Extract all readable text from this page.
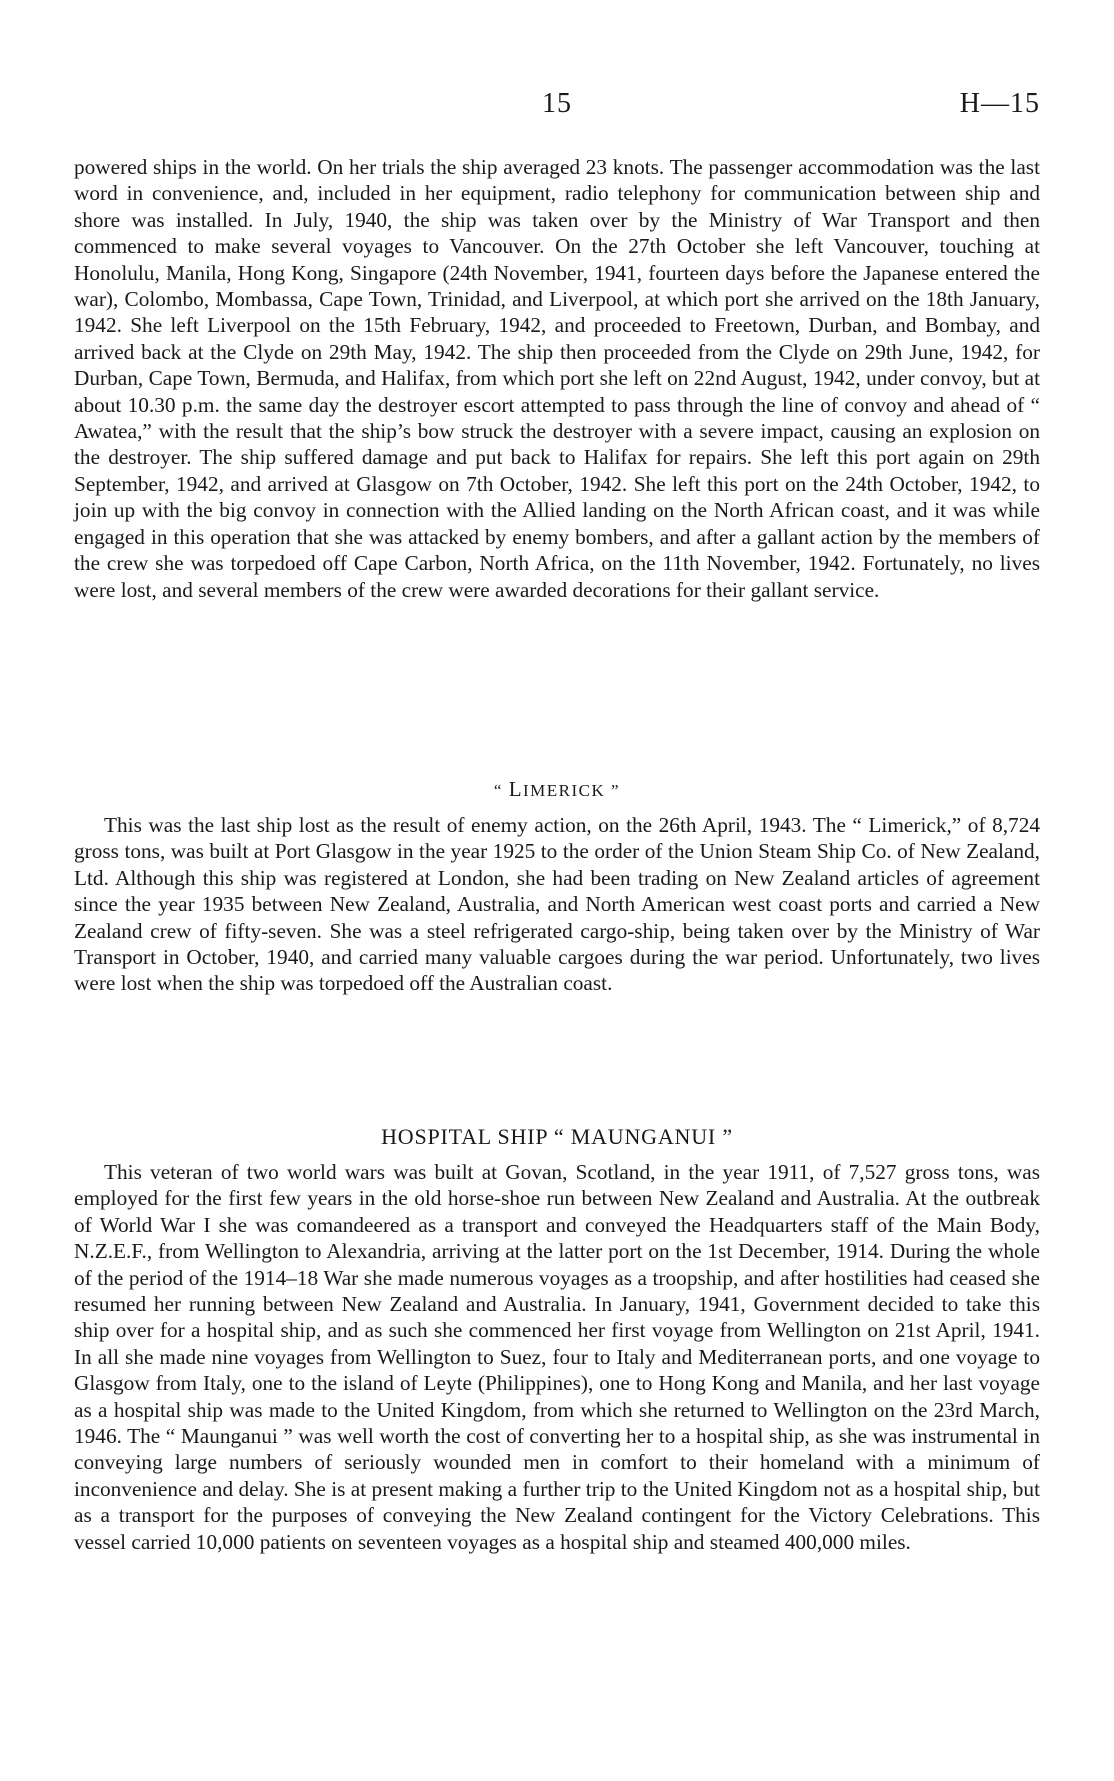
15	H—15

powered ships in the world. On her trials the ship averaged 23 knots. The passenger accommodation was the last word in convenience, and, included in her equipment, radio telephony for communication between ship and shore was installed. In July, 1940, the ship was taken over by the Ministry of War Transport and then commenced to make several voyages to Vancouver. On the 27th October she left Vancouver, touching at Honolulu, Manila, Hong Kong, Singapore (24th November, 1941, fourteen days before the Japanese entered the war), Colombo, Mombassa, Cape Town, Trinidad, and Liverpool, at which port she arrived on the 18th January, 1942. She left Liverpool on the 15th February, 1942, and proceeded to Freetown, Durban, and Bombay, and arrived back at the Clyde on 29th May, 1942. The ship then proceeded from the Clyde on 29th June, 1942, for Durban, Cape Town, Bermuda, and Halifax, from which port she left on 22nd August, 1942, under convoy, but at about 10.30 p.m. the same day the destroyer escort attempted to pass through the line of convoy and ahead of “ Awatea,” with the result that the ship’s bow struck the destroyer with a severe impact, causing an explosion on the destroyer. The ship suffered damage and put back to Halifax for repairs. She left this port again on 29th September, 1942, and arrived at Glasgow on 7th October, 1942. She left this port on the 24th October, 1942, to join up with the big convoy in connection with the Allied landing on the North African coast, and it was while engaged in this operation that she was attacked by enemy bombers, and after a gallant action by the members of the crew she was torpedoed off Cape Carbon, North Africa, on the 11th November, 1942. Fortunately, no lives were lost, and several members of the crew were awarded decorations for their gallant service.

“ LIMERICK ”

This was the last ship lost as the result of enemy action, on the 26th April, 1943. The “ Limerick,” of 8,724 gross tons, was built at Port Glasgow in the year 1925 to the order of the Union Steam Ship Co. of New Zealand, Ltd. Although this ship was registered at London, she had been trading on New Zealand articles of agreement since the year 1935 between New Zealand, Australia, and North American west coast ports and carried a New Zealand crew of fifty-seven. She was a steel refrigerated cargo-ship, being taken over by the Ministry of War Transport in October, 1940, and carried many valuable cargoes during the war period. Unfortunately, two lives were lost when the ship was torpedoed off the Australian coast.

HOSPITAL SHIP “ MAUNGANUI ”

This veteran of two world wars was built at Govan, Scotland, in the year 1911, of 7,527 gross tons, was employed for the first few years in the old horse-shoe run between New Zealand and Australia. At the outbreak of World War I she was comandeered as a transport and conveyed the Headquarters staff of the Main Body, N.Z.E.F., from Wellington to Alexandria, arriving at the latter port on the 1st December, 1914. During the whole of the period of the 1914–18 War she made numerous voyages as a troopship, and after hostilities had ceased she resumed her running between New Zealand and Australia. In January, 1941, Government decided to take this ship over for a hospital ship, and as such she commenced her first voyage from Wellington on 21st April, 1941. In all she made nine voyages from Wellington to Suez, four to Italy and Mediterranean ports, and one voyage to Glasgow from Italy, one to the island of Leyte (Philippines), one to Hong Kong and Manila, and her last voyage as a hospital ship was made to the United Kingdom, from which she returned to Wellington on the 23rd March, 1946. The “ Maunganui ” was well worth the cost of converting her to a hospital ship, as she was instrumental in conveying large numbers of seriously wounded men in comfort to their homeland with a minimum of inconvenience and delay. She is at present making a further trip to the United Kingdom not as a hospital ship, but as a transport for the purposes of conveying the New Zealand contingent for the Victory Celebrations. This vessel carried 10,000 patients on seventeen voyages as a hospital ship and steamed 400,000 miles.
